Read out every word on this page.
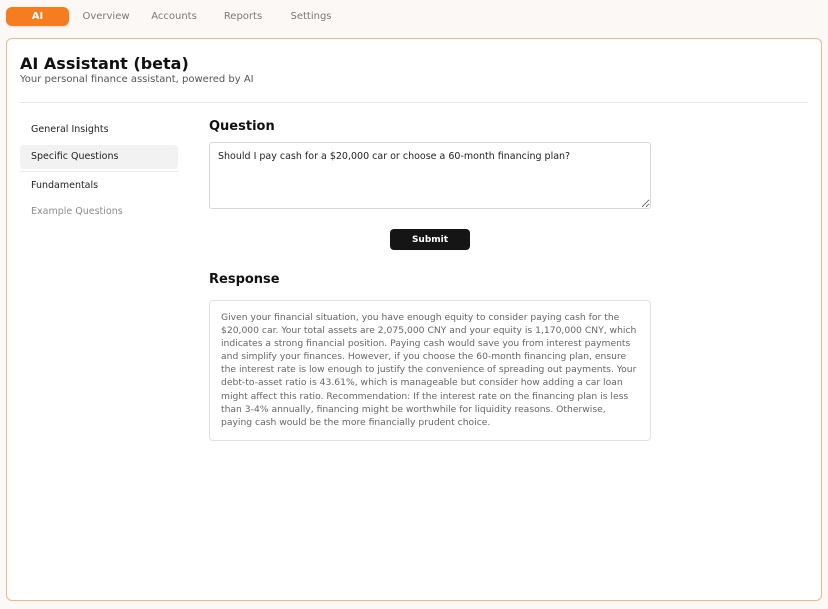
AI	Overview	Accounts	Reports	Settings
AI Assistant (beta)
Your personal finance assistant, powered by AI
General Insights
Specific Questions
Fundamentals
Example Questions
Question
Should I pay cash for a $20,000 car or choose a 60-month financing plan?
Submit
Response
Given your financial situation, you have enough equity to consider paying cash for the $20,000 car. Your total assets are 2,075,000 CNY and your equity is 1,170,000 CNY, which indicates a strong financial position. Paying cash would save you from interest payments and simplify your finances. However, if you choose the 60-month financing plan, ensure the interest rate is low enough to justify the convenience of spreading out payments. Your debt-to-asset ratio is 43.61%, which is manageable but consider how adding a car loan might affect this ratio. Recommendation: If the interest rate on the financing plan is less than 3-4% annually, financing might be worthwhile for liquidity reasons. Otherwise, paying cash would be the more financially prudent choice.
